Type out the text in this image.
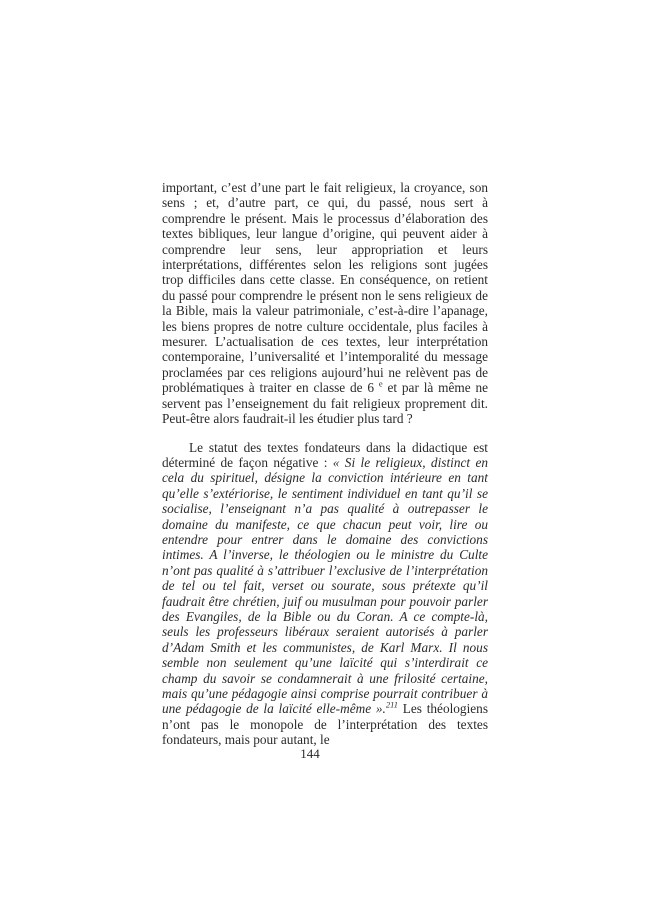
important, c’est d’une part le fait religieux, la croyance, son sens ; et, d’autre part, ce qui, du passé, nous sert à comprendre le présent. Mais le processus d’élaboration des textes bibliques, leur langue d’origine, qui peuvent aider à comprendre leur sens, leur appropriation et leurs interprétations, différentes selon les religions sont jugées trop difficiles dans cette classe. En conséquence, on retient du passé pour comprendre le présent non le sens religieux de la Bible, mais la valeur patrimoniale, c’est-à-dire l’apanage, les biens propres de notre culture occidentale, plus faciles à mesurer. L’actualisation de ces textes, leur interprétation contemporaine, l’universalité et l’intemporalité du message proclamées par ces religions aujourd’hui ne relèvent pas de problématiques à traiter en classe de 6 $^e$ et par là même ne servent pas l’enseignement du fait religieux proprement dit. Peut-être alors faudrait-il les étudier plus tard ?

Le statut des textes fondateurs dans la didactique est déterminé de façon négative : « Si le religieux, distinct en cela du spirituel, désigne la conviction intérieure en tant qu’elle s’extériorise, le sentiment individuel en tant qu’il se socialise, l’enseignant n’a pas qualité à outrepasser le domaine du manifeste, ce que chacun peut voir, lire ou entendre pour entrer dans le domaine des convictions intimes. A l’inverse, le théologien ou le ministre du Culte n’ont pas qualité à s’attribuer l’exclusive de l’interprétation de tel ou tel fait, verset ou sourate, sous prétexte qu’il faudrait être chrétien, juif ou musulman pour pouvoir parler des Evangiles, de la Bible ou du Coran. A ce compte-là, seuls les professeurs libéraux seraient autorisés à parler d’Adam Smith et les communistes, de Karl Marx. Il nous semble non seulement qu’une laïcité qui s’interdirait ce champ du savoir se condamnerait à une frilosité certaine, mais qu’une pédagogie ainsi comprise pourrait contribuer à une pédagogie de la laïcité elle-même ».$^{211}$ Les théologiens n’ont pas le monopole de l’interprétation des textes fondateurs, mais pour autant, le

144
